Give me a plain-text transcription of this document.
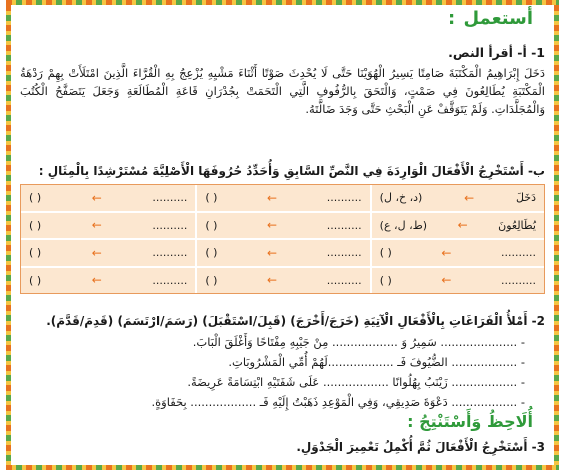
أستعمل :
1- أ- أقرأ النص.
دَخَلَ إِبْرَاهِيمُ الْمَكْتَبَةَ صَامِتًا يَسِيرُ الْهُوَيْنَا حَتَّى لَا يُحْدِثَ صَوْتًا أَثْنَاءَ مَشْيِهِ يُزْعِجُ بِهِ الْقُرَّاءَ الَّذِينَ امْتَلَأَتْ بِهِمْ رَدْهَةُ الْمَكْتَبَةِ يُطَالِعُونَ فِي صَمْتٍ، وَالْتَحَقَ بِالرُّفُوفِ الَّتِي الْتَحَمَتْ بِجُدْرَانِ قَاعَةِ الْمُطَالَعَةِ وَجَعَلَ يَتَصَفَّحُ الْكُتُبَ وَالْمُجَلَّدَاتِ. وَلَمْ يَتَوَقَّفْ عَنِ الْبَحْثِ حَتَّى وَجَدَ ضَالَّتَهُ.
ب- أَسْتَخْرِجُ الْأَفْعَالَ الْوَارِدَةَ فِي النَّصِّ السَّابِقِ وَأُحَدِّدُ حُرُوفَهَا الْأَصْلِيَّةَ مُسْتَرْشِدًا بِالْمِثَالِ :
دَخَلَ
←
(د، خ، ل)
يُطَالِعُونَ
←
(ط، ل، ع)
..........
←
( )
..........
←
( )
..........
←
( )
..........
←
( )
..........
←
( )
..........
←
( )
..........
←
( )
..........
←
( )
..........
←
( )
..........
←
( )
2- أَمْلأُ الْفَرَاغَاتِ بِالْأَفْعَالِ الْآتِيَةِ (خَرَجَ/أَخْرَجَ) (قَبِلَ/اسْتَقْبَلَ) (رَسَمَ/ارْتَسَمَ) (قَدِمَ/قَدَّمَ).
- ..................... سَمِيرُ وَ .................. مِنْ جَيْبِهِ مِفْتَاحًا وَأَغْلَقَ الْبَابَ.
- .................. الضُّيُوفَ فَـ ..................لَهُمْ أُمِّي الْمَشْرُوبَاتِ.
- .................. زَيْنَبُ بِهُلُوانًا .................. عَلَى شَفَتَيْهِ ابْتِسَامَةً عَرِيضَةً.
- .................. دَعْوَةَ صَدِيقِي، وَفِي الْمَوْعِدِ ذَهَبْتُ إِلَيْهِ فَـ .................. بِحَفَاوَةٍ.
أُلَاحِظُ وَأَسْتَنْتِجُ :
3- أَسْتَخْرِجُ الْأَفْعَالَ ثُمَّ أُكْمِلُ تَعْمِيرَ الْجَدْوَلِ.
